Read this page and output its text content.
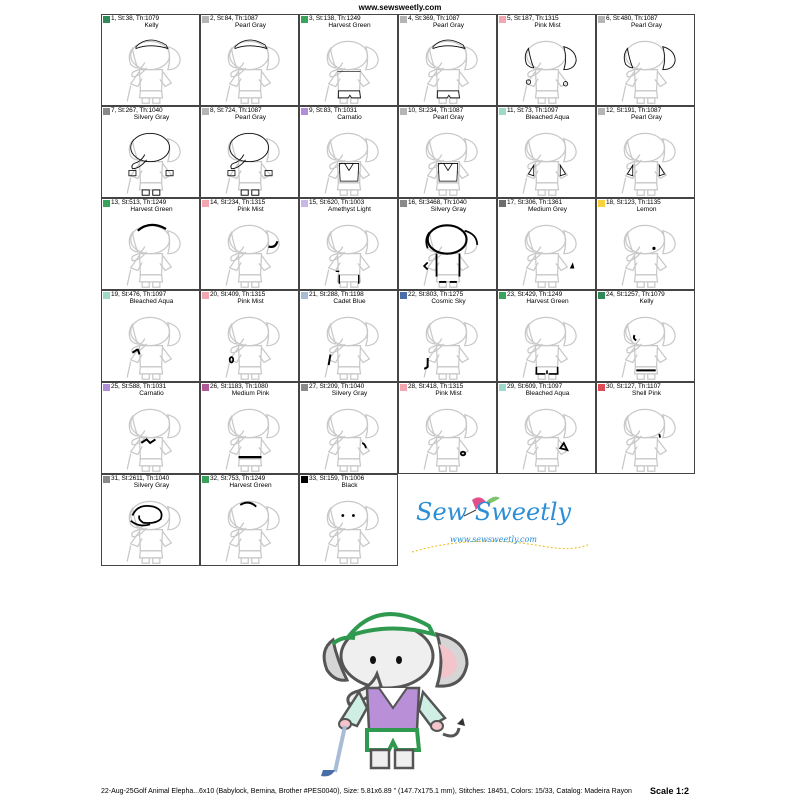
www.sewsweetly.com
1, St:38, Th:1079
Kelly
2, St:84, Th:1087
Pearl Gray
3, St:138, Th:1249
Harvest Green
4, St:369, Th:1087
Pearl Gray
5, St:187, Th:1315
Pink Mist
6, St:480, Th:1087
Pearl Gray
7, St:267, Th:1040
Silvery Gray
8, St:724, Th:1087
Pearl Gray
9, St:83, Th:1031
Carnatio
10, St:234, Th:1087
Pearl Gray
11, St:73, Th:1097
Bleached Aqua
12, St:191, Th:1087
Pearl Gray
13, St:513, Th:1249
Harvest Green
14, St:234, Th:1315
Pink Mist
15, St:620, Th:1003
Amethyst Light
16, St:3468, Th:1040
Silvery Gray
17, St:306, Th:1361
Medium Grey
18, St:123, Th:1135
Lemon
19, St:476, Th:1097
Bleached Aqua
20, St:409, Th:1315
Pink Mist
21, St:288, Th:1198
Cadet Blue
22, St:803, Th:1275
Cosmic Sky
23, St:429, Th:1249
Harvest Green
24, St:1257, Th:1079
Kelly
25, St:588, Th:1031
Carnatio
26, St:1183, Th:1080
Medium Pink
27, St:209, Th:1040
Silvery Gray
28, St:418, Th:1315
Pink Mist
29, St:609, Th:1097
Bleached Aqua
30, St:127, Th:1107
Shell Pink
31, St:2611, Th:1040
Silvery Gray
32, St:753, Th:1249
Harvest Green
33, St:159, Th:1006
Black
Sew Sweetly
www.sewsweetly.com
22-Aug-25Golf Animal Elepha...6x10 (Babylock, Bernina, Brother #PES0040), Size: 5.81x6.89 " (147.7x175.1 mm), Stitches: 18451, Colors: 15/33, Catalog: Madeira Rayon Scale 1:2
